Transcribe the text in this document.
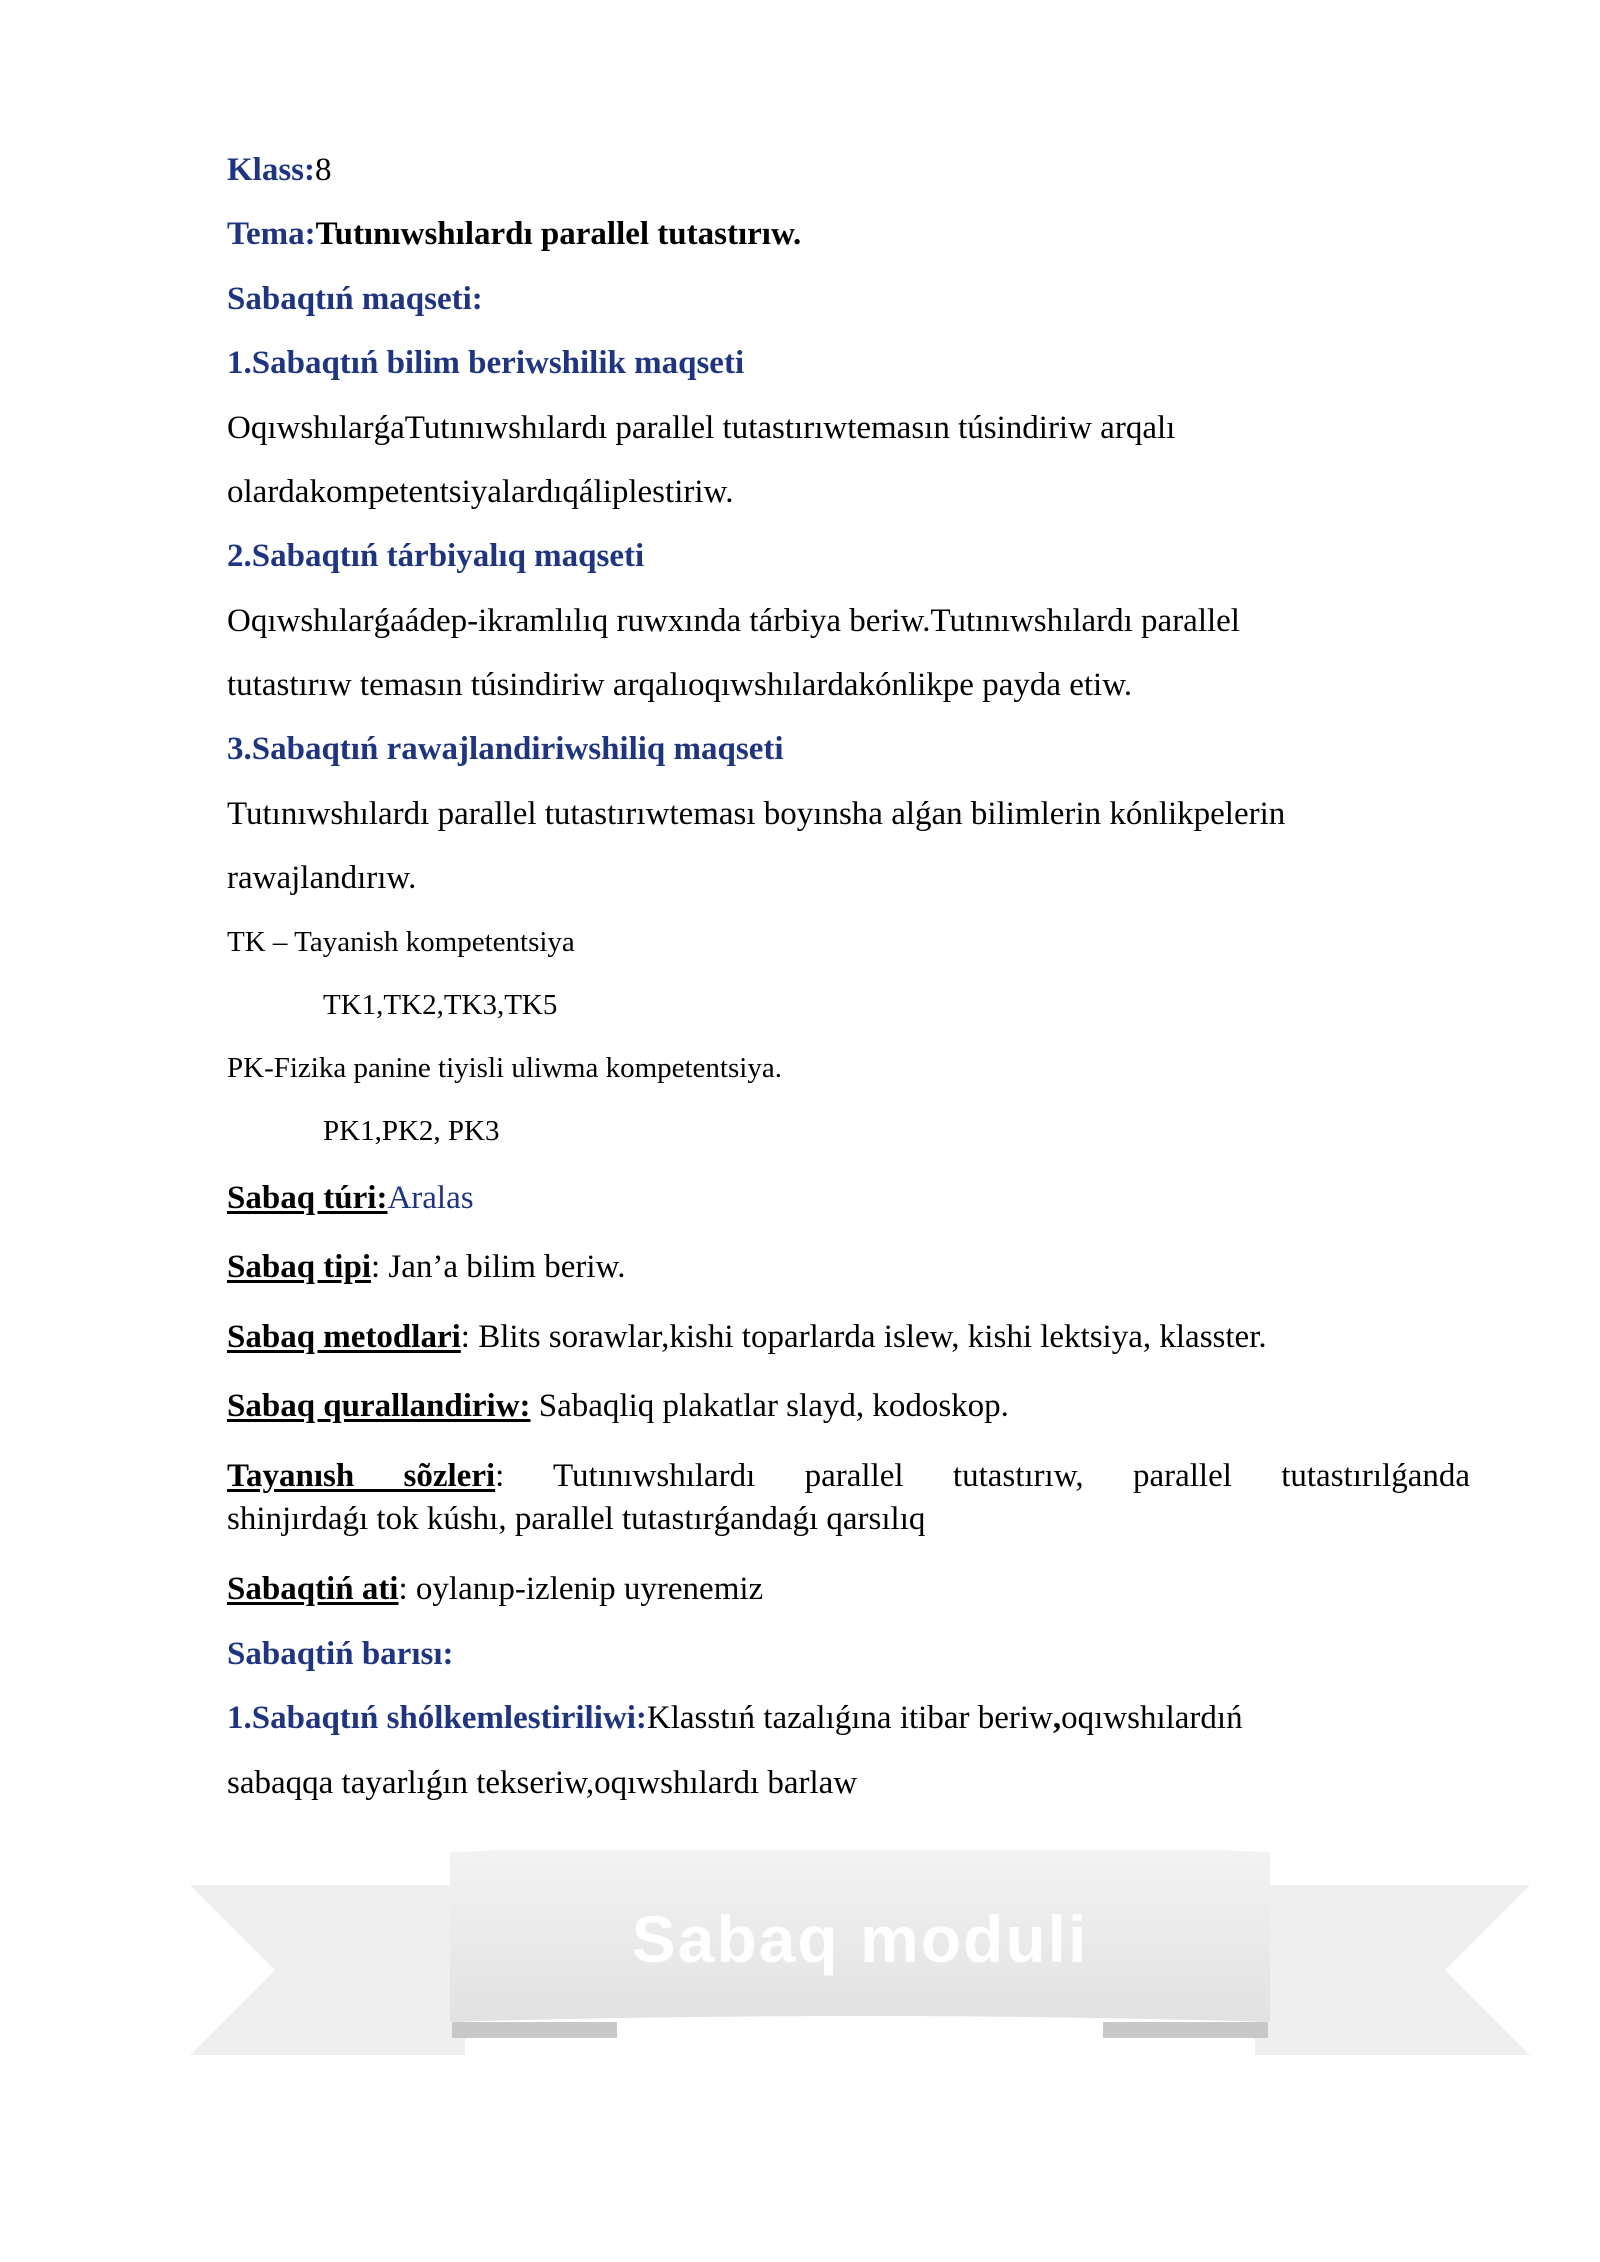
Klass:8
Tema:Tutınıwshılardı parallel tutastırıw.
Sabaqtıń maqseti:
1.Sabaqtıń bilim beriwshilik maqseti
OqıwshılarǵaTutınıwshılardı parallel tutastırıwtemasın túsindiriw arqalı
olardakompetentsiyalardıqáliplestiriw.
2.Sabaqtıń tárbiyalıq maqseti
Oqıwshılarǵaádep-ikramlılıq ruwxında tárbiya beriw.Tutınıwshılardı parallel
tutastırıw temasın túsindiriw arqalıoqıwshılardakónlikpe payda etiw.
3.Sabaqtıń rawajlandiriwshiliq maqseti
Tutınıwshılardı parallel tutastırıwteması boyınsha alǵan bilimlerin kónlikpelerin
rawajlandırıw.
TK – Tayanish kompetentsiya
TK1,TK2,TK3,TK5
PK-Fizika panine tiyisli uliwma kompetentsiya.
PK1,PK2, PK3
Sabaq túri:Aralas
Sabaq tipi: Jan’a bilim beriw.
Sabaq metodlari: Blits sorawlar,kishi toparlarda islew, kishi lektsiya, klasster.
Sabaq qurallandiriw: Sabaqliq plakatlar slayd, kodoskop.
Tayanısh sõzleri: Tutınıwshılardı parallel tutastırıw, parallel tutastırılǵanda
shinjırdaǵı tok kúshı, parallel tutastırǵandaǵı qarsılıq
Sabaqtiń ati: oylanıp-izlenip uyrenemiz
Sabaqtiń barısı:
1.Sabaqtıń shólkemlestiriliwi:Klasstıń tazalıǵına itibar beriw,oqıwshılardıń
sabaqqa tayarlıǵın tekseriw,oqıwshılardı barlaw
Sabaq moduli
